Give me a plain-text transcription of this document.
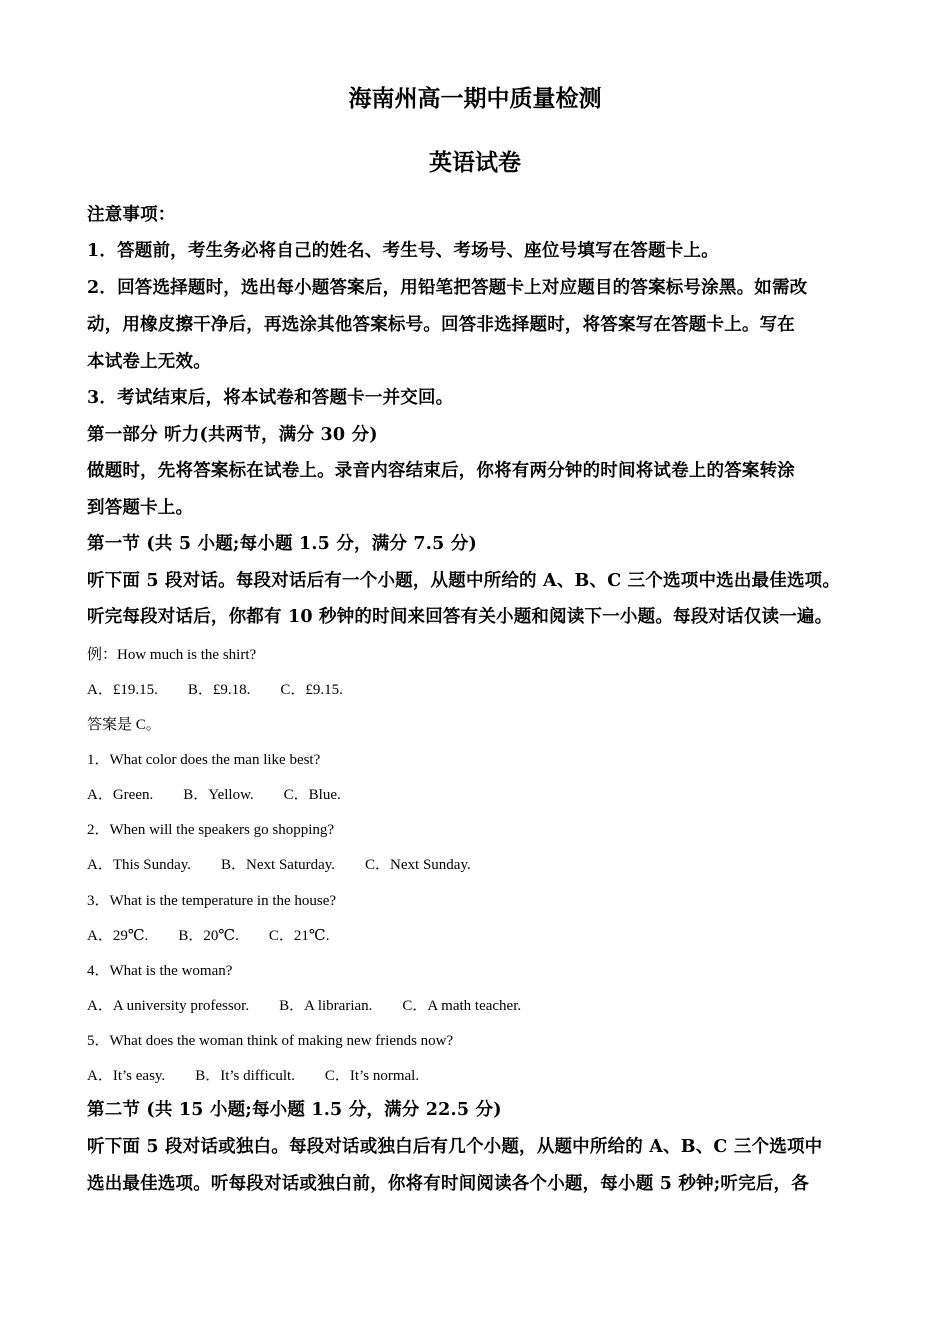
海南州高一期中质量检测
英语试卷

注意事项：

1．答题前，考生务必将自己的姓名、考生号、考场号、座位号填写在答题卡上。

2．回答选择题时，选出每小题答案后，用铅笔把答题卡上对应题目的答案标号涂黑。如需改

动，用橡皮擦干净后，再选涂其他答案标号。回答非选择题时，将答案写在答题卡上。写在

本试卷上无效。

3．考试结束后，将本试卷和答题卡一并交回。

第一部分 听力(共两节，满分 30 分)

做题时，先将答案标在试卷上。录音内容结束后，你将有两分钟的时间将试卷上的答案转涂

到答题卡上。

第一节 (共 5 小题;每小题 1.5 分，满分 7.5 分)

听下面 5 段对话。每段对话后有一个小题，从题中所给的 A、B、C 三个选项中选出最佳选项。

听完每段对话后，你都有 10 秒钟的时间来回答有关小题和阅读下一小题。每段对话仅读一遍。

例：How much is the shirt?

A．£19.15. B．£9.18. C．£9.15.

答案是 C。

1．What color does the man like best?

A．Green. B．Yellow. C．Blue.

2．When will the speakers go shopping?

A．This Sunday. B．Next Saturday. C．Next Sunday.

3．What is the temperature in the house?

A．29℃. B．20℃. C．21℃.

4．What is the woman?

A．A university professor. B．A librarian. C．A math teacher.

5．What does the woman think of making new friends now?

A．It’s easy. B．It’s difficult. C．It’s normal.

第二节 (共 15 小题;每小题 1.5 分，满分 22.5 分)

听下面 5 段对话或独白。每段对话或独白后有几个小题，从题中所给的 A、B、C 三个选项中

选出最佳选项。听每段对话或独白前，你将有时间阅读各个小题，每小题 5 秒钟;听完后，各
